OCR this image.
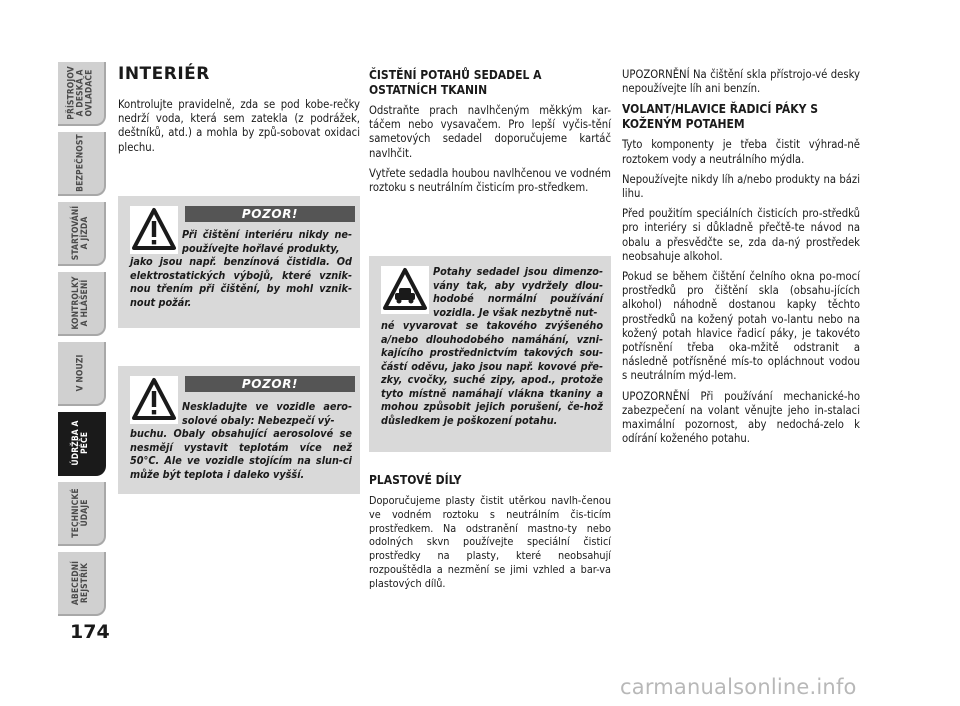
PŘÍSTROJOV
Á DESKA A
OVLADAČE
BEZPEČNOST
STARTOVÁNÍ
A JÍZDA
KONTROLKY
A HLÁŠENÍ
V NOUZI
ÚDRŽBA A
PÉČE
TECHNICKÉ
ÚDAJE
ABECEDNÍ
REJSTŘÍK
174
INTERIÉR

Kontrolujte pravidelně, zda se pod kobe-rečky nedrží voda, která sem zatekla (z podrážek, deštníků, atd.) a mohla by způ-sobovat oxidaci plechu.

POZOR!
Při čištění interiéru nikdy ne-používejte hořlavé produkty,
jako jsou např. benzínová čistidla. Od elektrostatických výbojů, které vznik-nou třením při čištění, by mohl vznik-nout požár.
POZOR!
Neskladujte ve vozidle aero-solové obaly: Nebezpečí vý-
buchu. Obaly obsahující aerosolové se nesmějí vystavit teplotám více než 50°C. Ale ve vozidle stojícím na slun-ci může být teplota i daleko vyšší.
ČISTĚNÍ POTAHŮ SEDADEL A OSTATNÍCH TKANIN

Odstraňte prach navlhčeným měkkým kar-táčem nebo vysavačem. Pro lepší vyčis-tění sametových sedadel doporučujeme kartáč navlhčit.

Vytřete sedadla houbou navlhčenou ve vodném roztoku s neutrálním čisticím pro-středkem.

Potahy sedadel jsou dimenzo-vány tak, aby vydržely dlou-hodobé normální používání vozidla. Je však nezbytně nut-
né vyvarovat se takového zvýšeného a/nebo dlouhodobého namáhání, vzni-kajícího prostřednictvím takových sou-částí oděvu, jako jsou např. kovové pře-zky, cvočky, suché zipy, apod., protože tyto místně namáhají vlákna tkaniny a mohou způsobit jejich porušení, če-hož důsledkem je poškození potahu.
PLASTOVÉ DÍLY

Doporučujeme plasty čistit utěrkou navlh-čenou ve vodném roztoku s neutrálním čis-ticím prostředkem. Na odstranění mastno-ty nebo odolných skvn používejte speciální čisticí prostředky na plasty, které neobsahují rozpouštědla a nezmění se jimi vzhled a bar-va plastových dílů.

UPOZORNĚNÍ Na čištění skla přístrojo-vé desky nepoužívejte líh ani benzín.

VOLANT/HLAVICE ŘADICÍ PÁKY S KOŽENÝM POTAHEM

Tyto komponenty je třeba čistit výhrad-ně roztokem vody a neutrálního mýdla.

Nepoužívejte nikdy líh a/nebo produkty na bázi lihu.

Před použitím speciálních čisticích pro-středků pro interiéry si důkladně přečtě-te návod na obalu a přesvědčte se, zda da-ný prostředek neobsahuje alkohol.

Pokud se během čištění čelního okna po-mocí prostředků pro čištění skla (obsahu-jících alkohol) náhodně dostanou kapky těchto prostředků na kožený potah vo-lantu nebo na kožený potah hlavice řadicí páky, je takovéto potřísnění třeba oka-mžitě odstranit a následně potřísněné mís-to opláchnout vodou s neutrálním mýd-lem.

UPOZORNĚNÍ Při používání mechanické-ho zabezpečení na volant věnujte jeho in-stalaci maximální pozornost, aby nedochá-zelo k odírání koženého potahu.

carmanualsonline.info
